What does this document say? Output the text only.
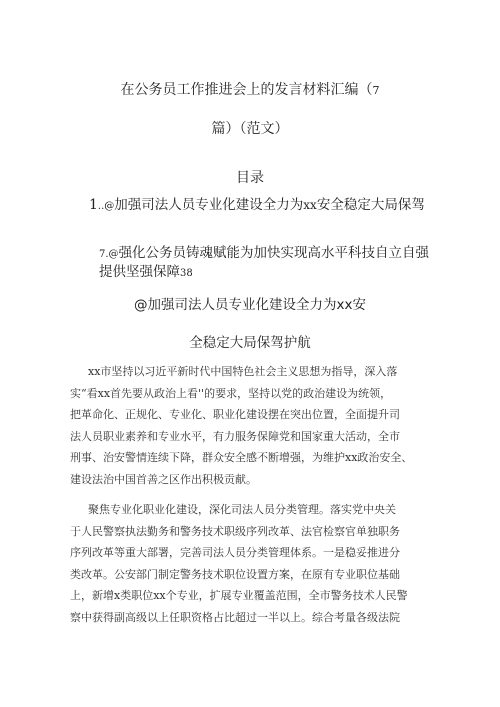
在公务员工作推进会上的发言材料汇编（7
篇）（范文）
目录
1..@加强司法人员专业化建设全力为xx安全稳定大局保驾
7.@强化公务员铸魂赋能为加快实现高水平科技自立自强
提供坚强保障38
@加强司法人员专业化建设全力为xx安
全稳定大局保驾护航
xx市坚持以习近平新时代中国特色社会主义思想为指导，深入落
实“看xx首先要从政治上看''的要求，坚持以党的政治建设为统领，
把革命化、正规化、专业化、职业化建设摆在突出位置，全面提升司
法人员职业素养和专业水平，有力服务保障党和国家重大活动，全市
刑事、治安警情连续下降，群众安全感不断增强，为维护xx政治安全、
建设法治中国首善之区作出积极贡献。
聚焦专业化职业化建设，深化司法人员分类管理。落实党中央关
于人民警察执法勤务和警务技术职级序列改革、法官检察官单独职务
序列改革等重大部署，完善司法人员分类管理体系。一是稳妥推进分
类改革。公安部门制定警务技术职位设置方案，在原有专业职位基础
上，新增x类职位xx个专业，扩展专业覆盖范围，全市警务技术人民警
察中获得副高级以上任职资格占比超过一半以上。综合考量各级法院
